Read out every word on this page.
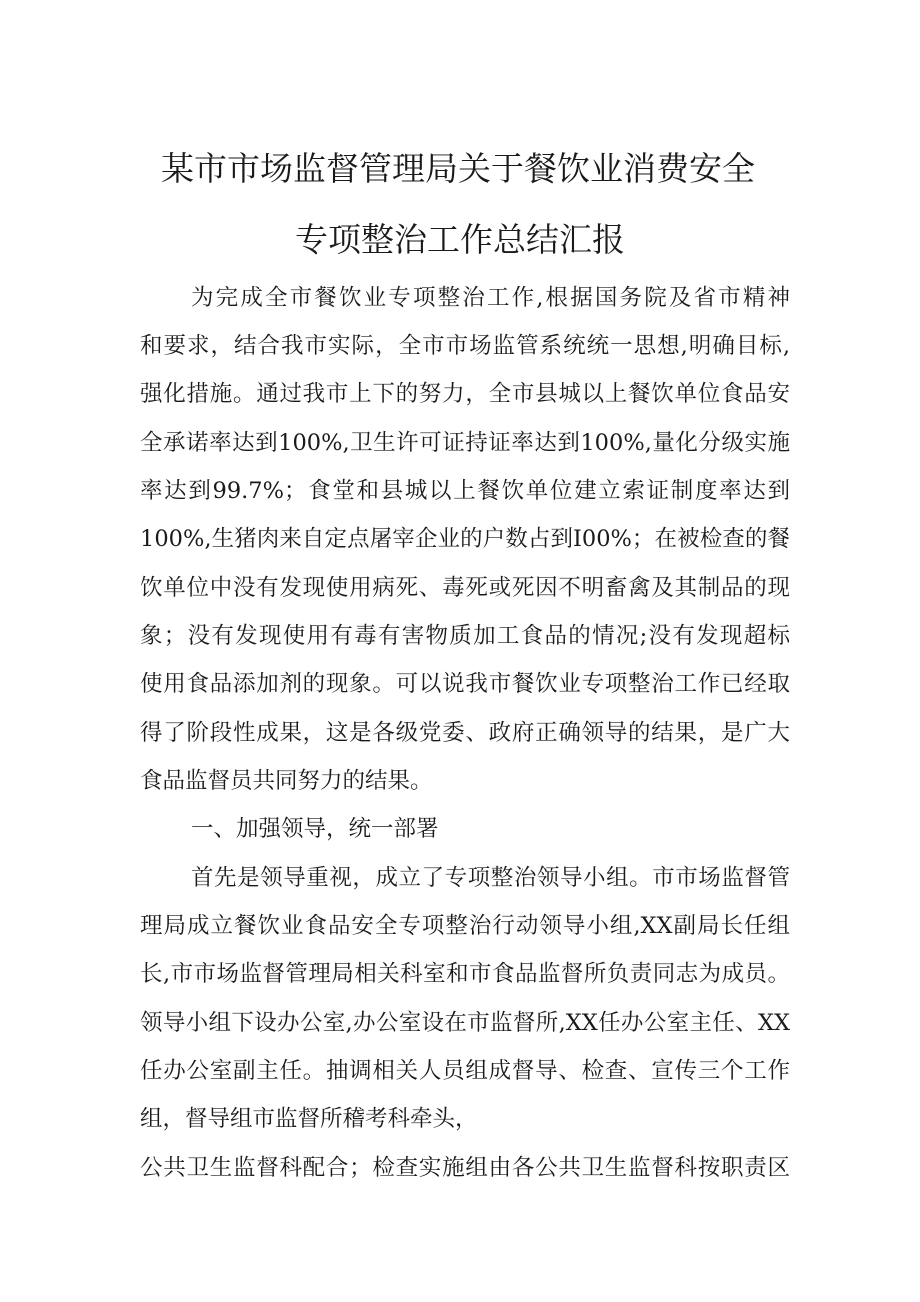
某市市场监督管理局关于餐饮业消费安全
专项整治工作总结汇报

为完成全市餐饮业专项整治工作,根据国务院及省市精神

和要求，结合我市实际，全市市场监管系统统一思想,明确目标,

强化措施。通过我市上下的努力，全市县城以上餐饮单位食品安

全承诺率达到100%,卫生许可证持证率达到100%,量化分级实施

率达到99.7%；食堂和县城以上餐饮单位建立索证制度率达到

100%,生猪肉来自定点屠宰企业的户数占到I00%；在被检查的餐

饮单位中没有发现使用病死、毒死或死因不明畜禽及其制品的现

象；没有发现使用有毒有害物质加工食品的情况;没有发现超标

使用食品添加剂的现象。可以说我市餐饮业专项整治工作已经取

得了阶段性成果，这是各级党委、政府正确领导的结果，是广大

食品监督员共同努力的结果。

一、加强领导，统一部署

首先是领导重视，成立了专项整治领导小组。市市场监督管

理局成立餐饮业食品安全专项整治行动领导小组,XX副局长任组

长,市市场监督管理局相关科室和市食品监督所负责同志为成员。

领导小组下设办公室,办公室设在市监督所,XX任办公室主任、XX

任办公室副主任。抽调相关人员组成督导、检查、宣传三个工作

组，督导组市监督所稽考科牵头，

公共卫生监督科配合；检查实施组由各公共卫生监督科按职责区
